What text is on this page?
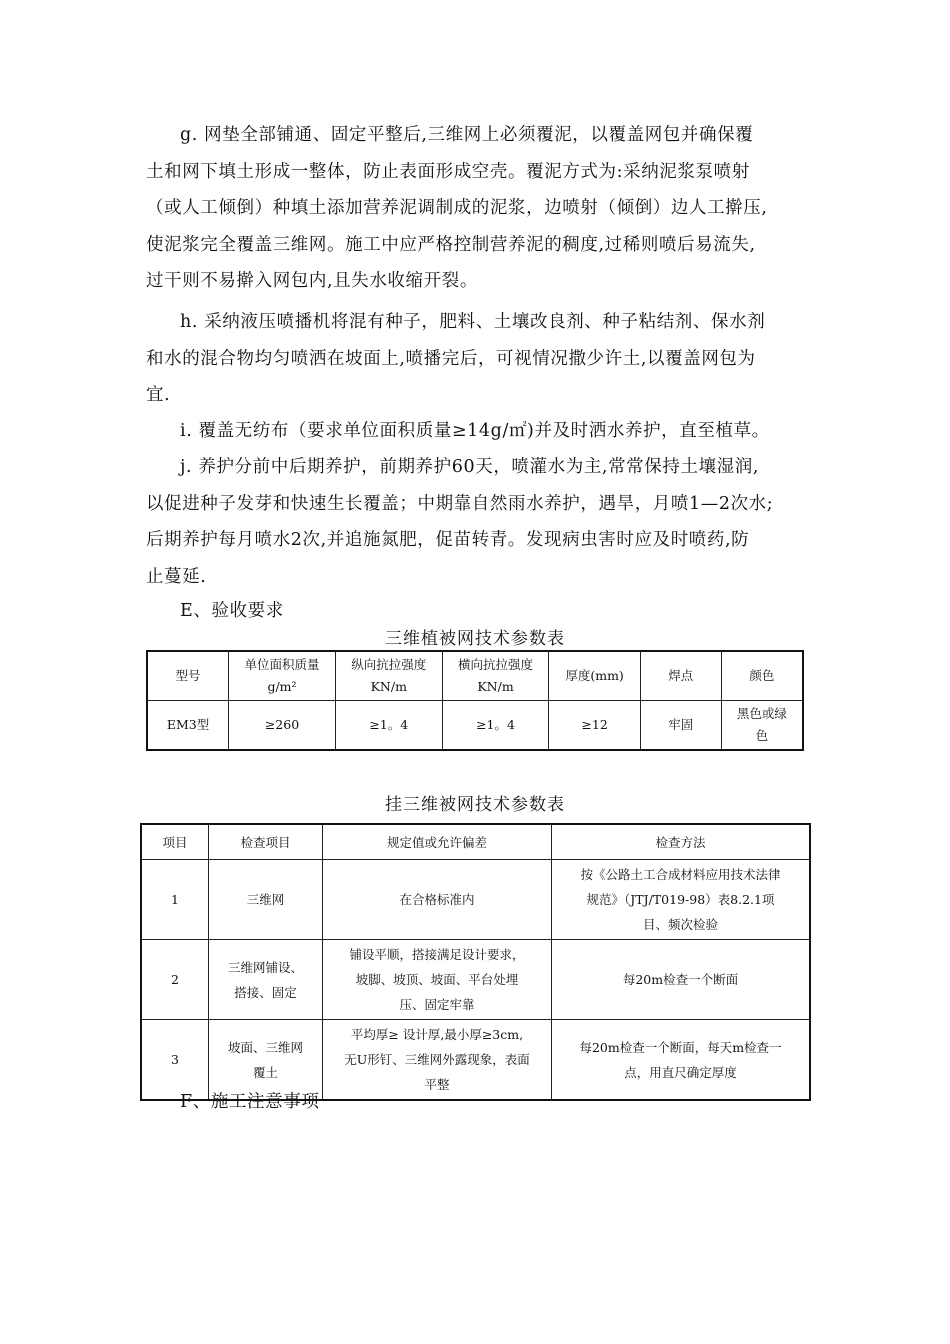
g. 网垫全部铺通、固定平整后,三维网上必须覆泥，以覆盖网包并确保覆
土和网下填土形成一整体，防止表面形成空壳。覆泥方式为:采纳泥浆泵喷射
（或人工倾倒）种填土添加营养泥调制成的泥浆，边喷射（倾倒）边人工擀压,
使泥浆完全覆盖三维网。施工中应严格控制营养泥的稠度,过稀则喷后易流失,
过干则不易擀入网包内,且失水收缩开裂。
h. 采纳液压喷播机将混有种子，肥料、土壤改良剂、种子粘结剂、保水剂
和水的混合物均匀喷洒在坡面上,喷播完后，可视情况撒少许土,以覆盖网包为
宜.
i. 覆盖无纺布（要求单位面积质量≥14g/㎡)并及时洒水养护，直至植草。
j. 养护分前中后期养护，前期养护60天，喷灌水为主,常常保持土壤湿润,
以促进种子发芽和快速生长覆盖；中期靠自然雨水养护，遇旱，月喷1—2次水;
后期养护每月喷水2次,并追施氮肥，促苗转青。发现病虫害时应及时喷药,防
止蔓延.
E、验收要求
三维植被网技术参数表
型号	单位面积质量
g/m²	纵向抗拉强度
KN/m	横向抗拉强度
KN/m	厚度(mm)	焊点	颜色
EM3型	≥260	≥1。4	≥1。4	≥12	牢固	黑色或绿
色
挂三维被网技术参数表
项目	检查项目	规定值或允许偏差	检查方法
1	三维网	在合格标准内	按《公路土工合成材料应用技术法律
规范》（JTJ/T019-98）表8.2.1项
目、频次检验
2	三维网铺设、
搭接、固定	铺设平顺，搭接满足设计要求，
坡脚、坡顶、坡面、平台处埋
压、固定牢靠	每20m检查一个断面
3	坡面、三维网
覆土	平均厚≥ 设计厚,最小厚≥3cm,
无U形钉、三维网外露现象，表面
平整	每20m检查一个断面，每天m检查一
点，用直尺确定厚度
F、施工注意事项
